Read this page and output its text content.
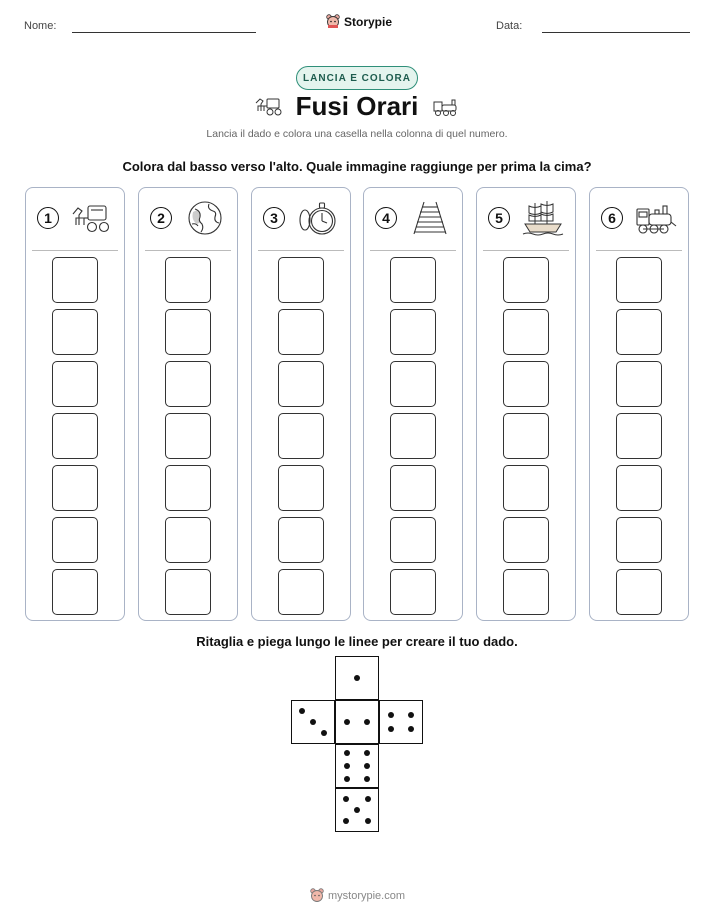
Nome:	Storypie	Data:
LANCIA E COLORA
Fusi Orari
Lancia il dado e colora una casella nella colonna di quel numero.
Colora dal basso verso l'alto. Quale immagine raggiunge per prima la cima?
1	2	3	4	5	6
Ritaglia e piega lungo le linee per creare il tuo dado.
mystorypie.com
